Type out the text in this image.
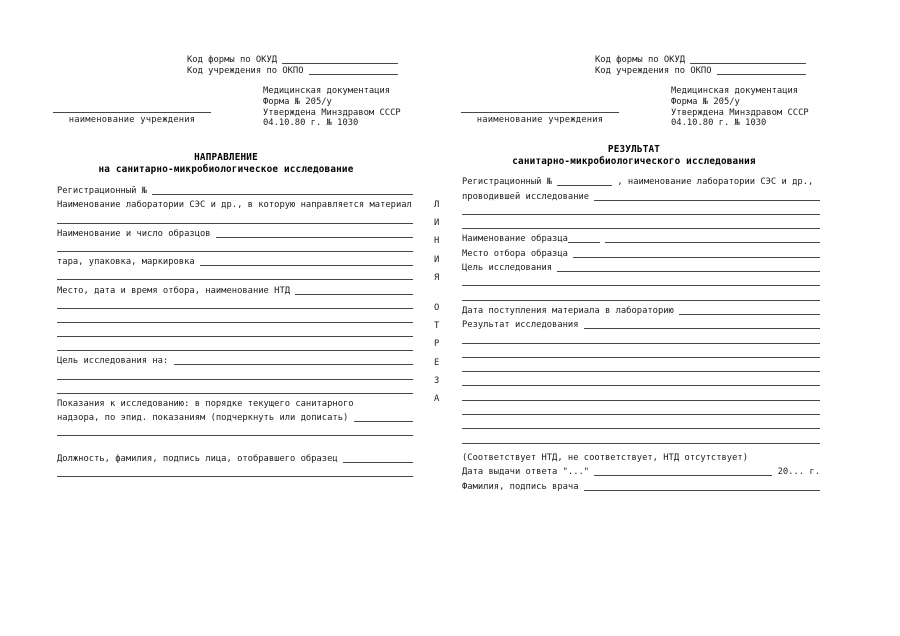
Код формы по ОКУД
Код учреждения по ОКПО
Медицинская документация
Форма № 205/у
Утверждена Минздравом СССР
04.10.80 г. № 1030
наименование учреждения
НАПРАВЛЕНИЕ
на санитарно-микробиологическое исследование
Регистрационный №
Наименование лаборатории СЭС и др., в которую направляется материал
Наименование и число образцов
тара, упаковка, маркировка
Место, дата и время отбора, наименование НТД
Цель исследования на:
Показания к исследованию: в порядке текущего санитарного
надзора, по эпид. показаниям (подчеркнуть или дописать)
Должность, фамилия, подпись лица, отобравшего образец
Код формы по ОКУД
Код учреждения по ОКПО
Медицинская документация
Форма № 205/у
Утверждена Минздравом СССР
04.10.80 г. № 1030
наименование учреждения
РЕЗУЛЬТАТ
санитарно-микробиологического исследования
Л
И
Н
И
Я
О
Т
Р
Е
З
А
Регистрационный №	, наименование лаборатории СЭС и др.,
проводившей исследование
Наименование образца
Место отбора образца
Цель исследования
Дата поступления материала в лабораторию
Результат исследования
(Соответствует НТД, не соответствует, НТД отсутствует)
Дата выдачи ответа "..."	20... г.
Фамилия, подпись врача
